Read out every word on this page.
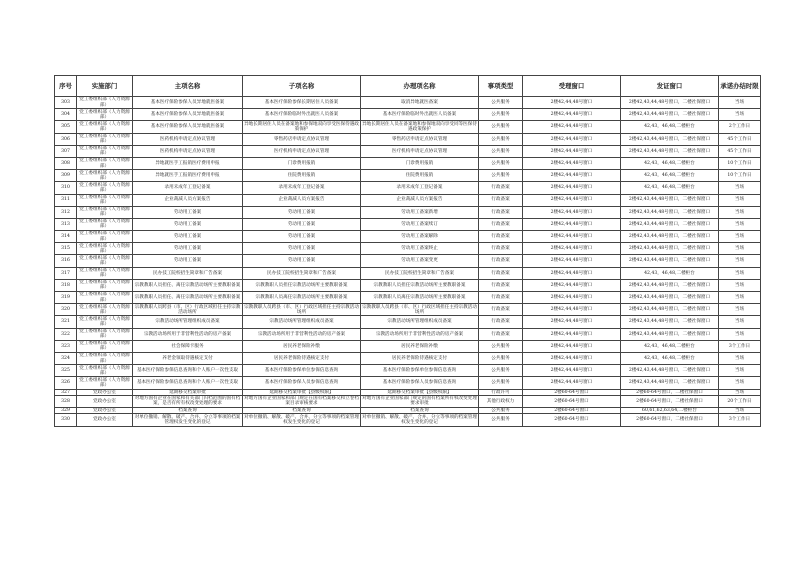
序号	实施部门	主项名称	子项名称	办理项名称	事项类型	受理窗口	发证窗口	承诺办结时限
303	党工委组织部（人力资源部）	基本医疗保险参保人员异地就医备案	基本医疗保险参保长期居住人员备案	取消异地就医备案	公共服务	2楼42,44,48号窗口	2楼42,43,44,48号窗口，二楼社保窗口	当场
304	党工委组织部（人力资源部）	基本医疗保险参保人员异地就医备案	基本医疗保险临时外出就医人员备案	基本医疗保险临时外出就医人员备案	公共服务	2楼42,44,48号窗口	2楼42,43,44,48号窗口，二楼社保窗口	当场
305	党工委组织部（人力资源部）	基本医疗保险参保人员异地就医备案	异地长期居住人员在备案地和参保地双向享受医保待遇政策保护	异地长期居住人员在备案地和参保地双向享受同等医保待遇政策保护	公共服务	2楼42,44,48号窗口	42,43，46,48,二楼柜台	2个工作日
306	党工委组织部（人力资源部）	医药机构申请定点协议管理	零售药店申请定点协议管理	零售药店申请定点协议管理	公共服务	2楼42,44,48号窗口	2楼42,43,44,48号窗口，二楼社保窗口	45个工作日
307	党工委组织部（人力资源部）	医药机构申请定点协议管理	医疗机构申请定点协议管理	医疗机构申请定点协议管理	公共服务	2楼42,44,48号窗口	2楼42,43,44,48号窗口，二楼社保窗口	45个工作日
308	党工委组织部（人力资源部）	异地就医手工报销医疗费用申报	门诊费用报销	门诊费用报销	公共服务	2楼42,44,48号窗口	42,43，46,48,二楼柜台	10个工作日
309	党工委组织部（人力资源部）	异地就医手工报销医疗费用申报	住院费用报销	住院费用报销	公共服务	2楼42,44,48号窗口	42,43，46,48,二楼柜台	10个工作日
310	党工委组织部（人力资源部）	录用未成年工登记备案	录用未成年工登记备案	录用未成年工登记备案	行政备案	2楼42,44,48号窗口	42,43，46,48,二楼柜台	当场
311	党工委组织部（人力资源部）	企业裁减人员方案报告	企业裁减人员方案报告	企业裁减人员方案报告	行政备案	2楼42,44,48号窗口	2楼42,43,44,48号窗口，二楼社保窗口	当场
312	党工委组织部（人力资源部）	劳动用工备案	劳动用工备案	劳动用工备案新增	行政备案	2楼42,44,48号窗口	2楼42,43,44,48号窗口，二楼社保窗口	当场
313	党工委组织部（人力资源部）	劳动用工备案	劳动用工备案	劳动用工备案续订	行政备案	2楼42,44,48号窗口	2楼42,43,44,48号窗口，二楼社保窗口	当场
314	党工委组织部（人力资源部）	劳动用工备案	劳动用工备案	劳动用工备案解除	行政备案	2楼42,44,48号窗口	2楼42,43,44,48号窗口，二楼社保窗口	当场
315	党工委组织部（人力资源部）	劳动用工备案	劳动用工备案	劳动用工备案终止	行政备案	2楼42,44,48号窗口	2楼42,43,44,48号窗口，二楼社保窗口	当场
316	党工委组织部（人力资源部）	劳动用工备案	劳动用工备案	劳动用工备案变更	行政备案	2楼42,44,48号窗口	2楼42,43,44,48号窗口，二楼社保窗口	当场
317	党工委组织部（人力资源部）	民办技工院校招生简章和广告备案	民办技工院校招生简章和广告备案	民办技工院校招生简章和广告备案	行政备案	2楼42,44,48号窗口	42,43，46,48,二楼柜台	当场
318	党工委组织部（人力资源部）	宗教教职人员担任、离任宗教活动场所主要教职备案	宗教教职人员担任宗教活动场所主要教职备案	宗教教职人员担任宗教活动场所主要教职备案	行政备案	2楼42,44,48号窗口	2楼42,43,44,48号窗口，二楼社保窗口	当场
319	党工委组织部（人力资源部）	宗教教职人员担任、离任宗教活动场所主要教职备案	宗教教职人员离任宗教活动场所主要教职备案	宗教教职人员离任宗教活动场所主要教职备案	行政备案	2楼42,44,48号窗口	2楼42,43,44,48号窗口，二楼社保窗口	当场
320	党工委组织部（人力资源部）	宗教教职人员跨县（市、区）行政区域担任主持宗教活动场所	宗教教职人员跨县（市、区）行政区域担任主持宗教活动场所	宗教教职人员跨县（市、区）行政区域担任主持宗教活动场所	行政备案	2楼42,44,48号窗口	2楼42,43,44,48号窗口，二楼社保窗口	当场
321	党工委组织部（人力资源部）	宗教活动场所管理组织成员备案	宗教活动场所管理组织成员备案	宗教活动场所管理组织成员备案	行政备案	2楼42,44,48号窗口	2楼42,43,44,48号窗口，二楼社保窗口	当场
322	党工委组织部（人力资源部）	宗教活动场所用于非营利性活动的房产备案	宗教活动场所用于非营利性活动的房产备案	宗教活动场所用于非营利性活动的房产备案	行政备案	2楼42,44,48号窗口	2楼42,43,44,48号窗口，二楼社保窗口	当场
323	党工委组织部（人力资源部）	社会保障卡服务	居民养老保险补缴	居民养老保险补缴	公共服务	2楼42,44,48号窗口	42,43，46,48,二楼柜台	3个工作日
324	党工委组织部（人力资源部）	养老金领取待遇核定支付	居民养老保险待遇核定支付	居民养老保险待遇核定支付	公共服务	2楼42,44,48号窗口	42,43，46,48,二楼柜台	当场
325	党工委组织部（人力资源部）	基本医疗保险参保信息查询和个人账户一次性支取	基本医疗保险参保单位参保信息查询	基本医疗保险参保单位参保信息查询	公共服务	2楼42,44,48号窗口	2楼42,43,44,48号窗口，二楼社保窗口	当场
326	党工委组织部（人力资源部）	基本医疗保险参保信息查询和个人账户一次性支取	基本医疗保险参保人员参保信息查询	基本医疗保险参保人员参保信息查询	公共服务	2楼42,44,48号窗口	2楼42,43,44,48号窗口，二楼社保窗口	当场
327	党政办公室	延期移交档案审批	延期移交档案审批【县级权限】	延期移交档案审批【县级权限】	行政许可	2楼60-64号窗口	2楼60-64号窗口，二楼社保窗口	当场
328	党政办公室	对地方国有企业在国家和有关部门归档范围的国有档案，是否有所有权改变处理的要求	对地方国有企业国家和部门规定在国有档案移交和立卷档案目录审核要求	对地方国有企业国家部门规定的国有档案所有权改变处理要求审批	其他行政权力	2楼60-64号窗口	2楼60-64号窗口，二楼社保窗口	20个工作日
329	党政办公室	档案查询	档案查询	档案查询	公共服务	2楼60-64号窗口	60,61,62,63,64,二楼柜台	当场
330	党政办公室	对单位撤销、解散、破产、合并、分立等事项的档案管理权发生变化的登记	对单位撤销、解散、破产、合并、分立等事项的档案管理权发生变化的登记	对单位撤销、解散、破产、合并、分立等事项的档案管理权发生变化的登记	公共服务	2楼60-64号窗口	2楼60-64号窗口，二楼社保窗口	3个工作日
